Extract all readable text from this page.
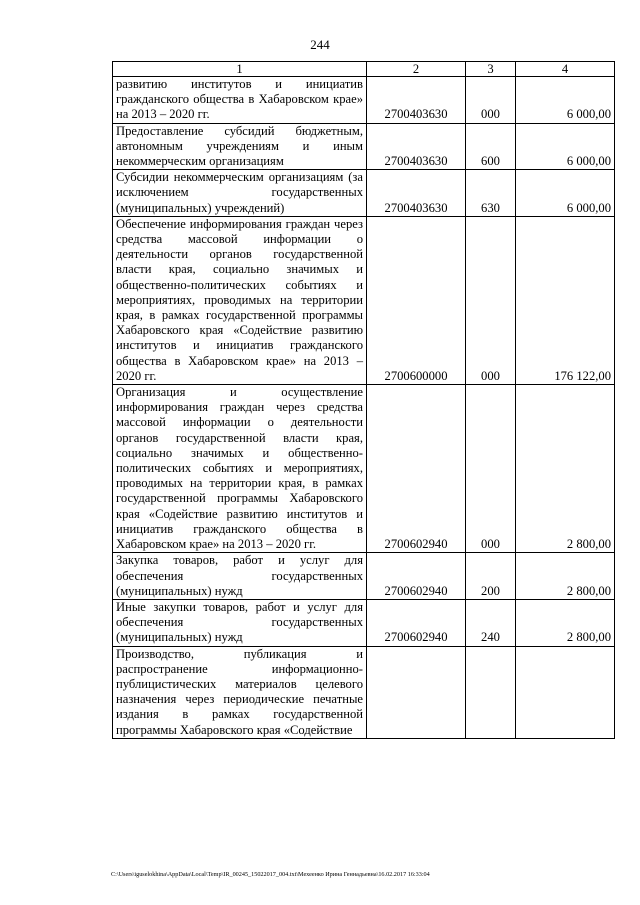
244
1	2	3	4
развитию институтов и инициатив гражданского общества в Хабаровском крае» на 2013 – 2020 гг.	2700403630	000	6 000,00
Предоставление субсидий бюджетным, автономным учреждениям и иным некоммерческим организациям	2700403630	600	6 000,00
Субсидии некоммерческим организациям (за исключением государственных (муниципальных) учреждений)	2700403630	630	6 000,00
Обеспечение информирования граждан через средства массовой информации о деятельности органов государственной власти края, социально значимых и общественно-политических событиях и мероприятиях, проводимых на территории края, в рамках государственной программы Хабаровского края «Содействие развитию институтов и инициатив гражданского общества в Хабаровском крае» на 2013 – 2020 гг.	2700600000	000	176 122,00
Организация и осуществление информирования граждан через средства массовой информации о деятельности органов государственной власти края, социально значимых и общественно-политических событиях и мероприятиях, проводимых на территории края, в рамках государственной программы Хабаровского края «Содействие развитию институтов и инициатив гражданского общества в Хабаровском крае» на 2013 – 2020 гг.	2700602940	000	2 800,00
Закупка товаров, работ и услуг для обеспечения государственных (муниципальных) нужд	2700602940	200	2 800,00
Иные закупки товаров, работ и услуг для обеспечения государственных (муниципальных) нужд	2700602940	240	2 800,00
Производство, публикация и распространение информационно-публицистических материалов целевого назначения через периодические печатные издания в рамках государственной программы Хабаровского края «Содействие			
C:\Users\iguselokhina\AppData\Local\Temp\IR_00245_15022017_004.txt\Мехеенко Ирина Геннадьевна\16.02.2017 16:33:04
